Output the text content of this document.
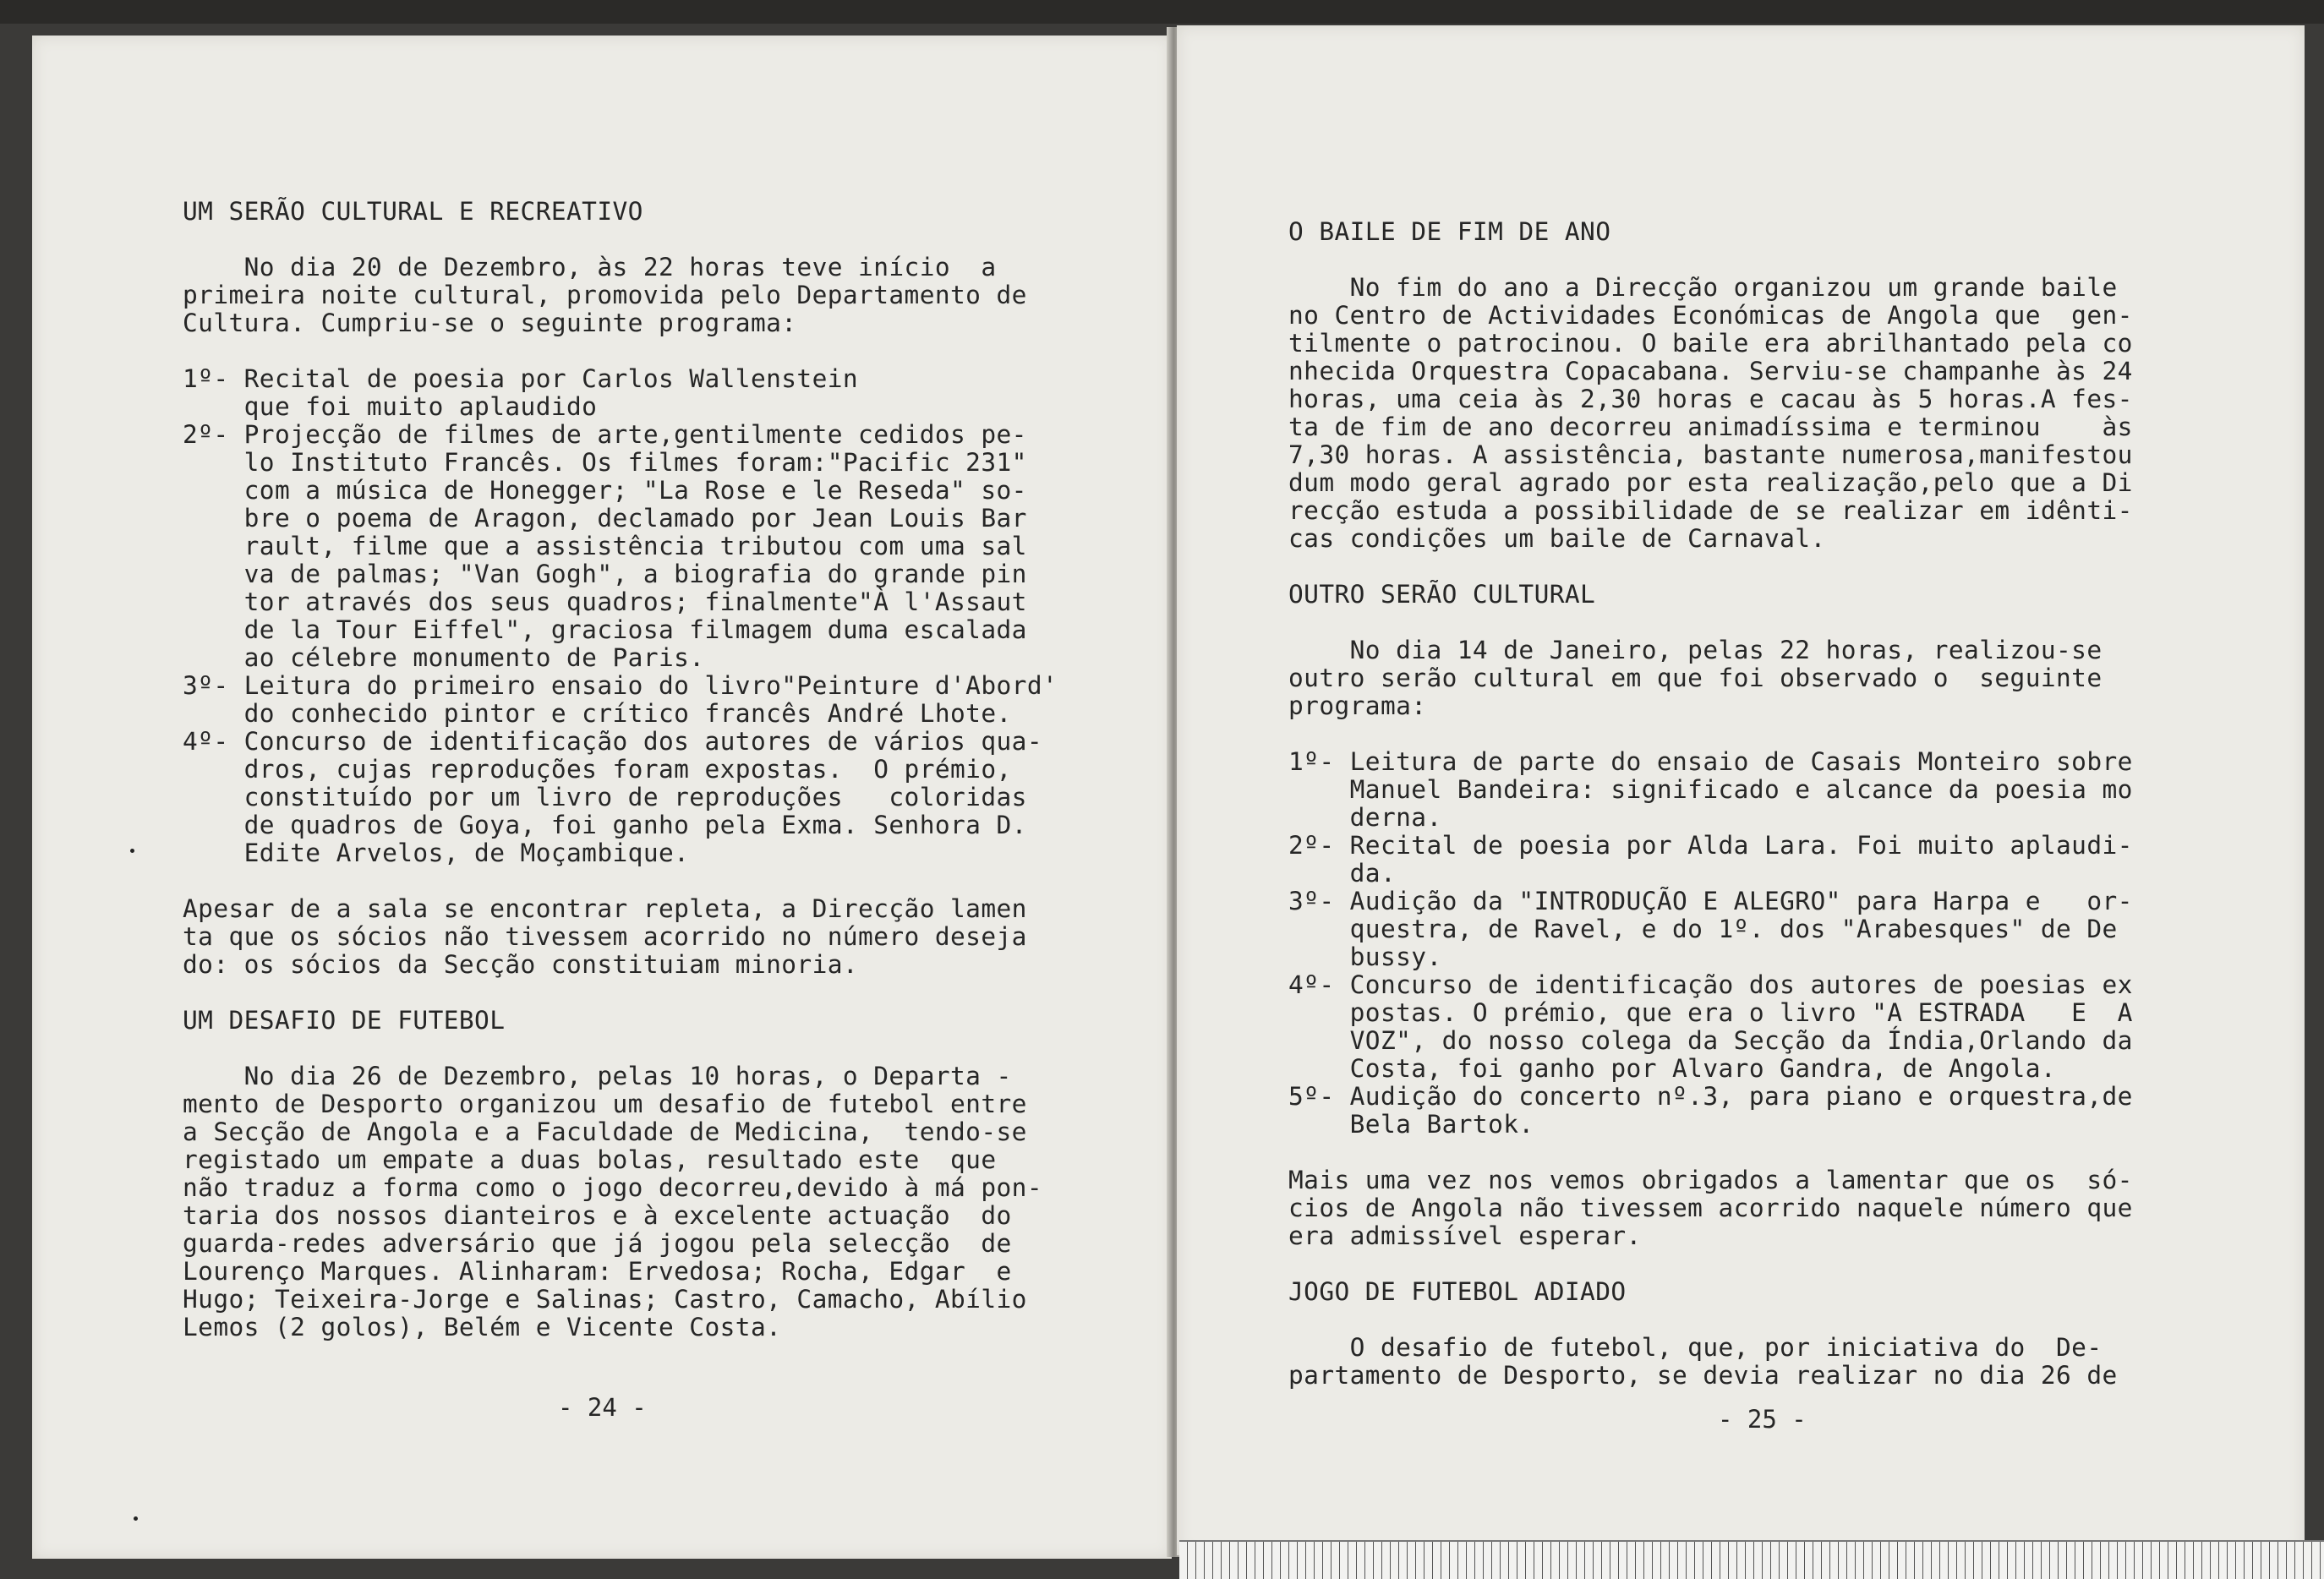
UM SERÃO CULTURAL E RECREATIVO
No dia 20 de Dezembro, às 22 horas teve início  a
primeira noite cultural, promovida pelo Departamento de
Cultura. Cumpriu-se o seguinte programa:
1º- Recital de poesia por Carlos Wallenstein
que foi muito aplaudido
2º- Projecção de filmes de arte,gentilmente cedidos pe-
lo Instituto Francês. Os filmes foram:"Pacific 231"
com a música de Honegger; "La Rose e le Reseda" so-
bre o poema de Aragon, declamado por Jean Louis Bar
rault, filme que a assistência tributou com uma sal
va de palmas; "Van Gogh", a biografia do grande pin
tor através dos seus quadros; finalmente"À l'Assaut
de la Tour Eiffel", graciosa filmagem duma escalada
ao célebre monumento de Paris.
3º- Leitura do primeiro ensaio do livro"Peinture d'Abord'
do conhecido pintor e crítico francês André Lhote.
4º- Concurso de identificação dos autores de vários qua-
dros, cujas reproduções foram expostas.  O prémio,
constituído por um livro de reproduções   coloridas
de quadros de Goya, foi ganho pela Exma. Senhora D.
Edite Arvelos, de Moçambique.
Apesar de a sala se encontrar repleta, a Direcção lamen
ta que os sócios não tivessem acorrido no número deseja
do: os sócios da Secção constituiam minoria.
UM DESAFIO DE FUTEBOL
No dia 26 de Dezembro, pelas 10 horas, o Departa -
mento de Desporto organizou um desafio de futebol entre
a Secção de Angola e a Faculdade de Medicina,  tendo-se
registado um empate a duas bolas, resultado este  que
não traduz a forma como o jogo decorreu,devido à má pon-
taria dos nossos dianteiros e à excelente actuação  do
guarda-redes adversário que já jogou pela selecção  de
Lourenço Marques. Alinharam: Ervedosa; Rocha, Edgar  e
Hugo; Teixeira-Jorge e Salinas; Castro, Camacho, Abílio
Lemos (2 golos), Belém e Vicente Costa.
- 24 -
O BAILE DE FIM DE ANO
No fim do ano a Direcção organizou um grande baile
no Centro de Actividades Económicas de Angola que  gen-
tilmente o patrocinou. O baile era abrilhantado pela co
nhecida Orquestra Copacabana. Serviu-se champanhe às 24
horas, uma ceia às 2,30 horas e cacau às 5 horas.A fes-
ta de fim de ano decorreu animadíssima e terminou    às
7,30 horas. A assistência, bastante numerosa,manifestou
dum modo geral agrado por esta realização,pelo que a Di
recção estuda a possibilidade de se realizar em idênti-
cas condições um baile de Carnaval.
OUTRO SERÃO CULTURAL
No dia 14 de Janeiro, pelas 22 horas, realizou-se
outro serão cultural em que foi observado o  seguinte
programa:
1º- Leitura de parte do ensaio de Casais Monteiro sobre
Manuel Bandeira: significado e alcance da poesia mo
derna.
2º- Recital de poesia por Alda Lara. Foi muito aplaudi-
da.
3º- Audição da "INTRODUÇÃO E ALEGRO" para Harpa e   or-
questra, de Ravel, e do 1º. dos "Arabesques" de De
bussy.
4º- Concurso de identificação dos autores de poesias ex
postas. O prémio, que era o livro "A ESTRADA   E  A
VOZ", do nosso colega da Secção da Índia,Orlando da
Costa, foi ganho por Alvaro Gandra, de Angola.
5º- Audição do concerto nº.3, para piano e orquestra,de
Bela Bartok.
Mais uma vez nos vemos obrigados a lamentar que os  só-
cios de Angola não tivessem acorrido naquele número que
era admissível esperar.
JOGO DE FUTEBOL ADIADO
O desafio de futebol, que, por iniciativa do  De-
partamento de Desporto, se devia realizar no dia 26 de
- 25 -
